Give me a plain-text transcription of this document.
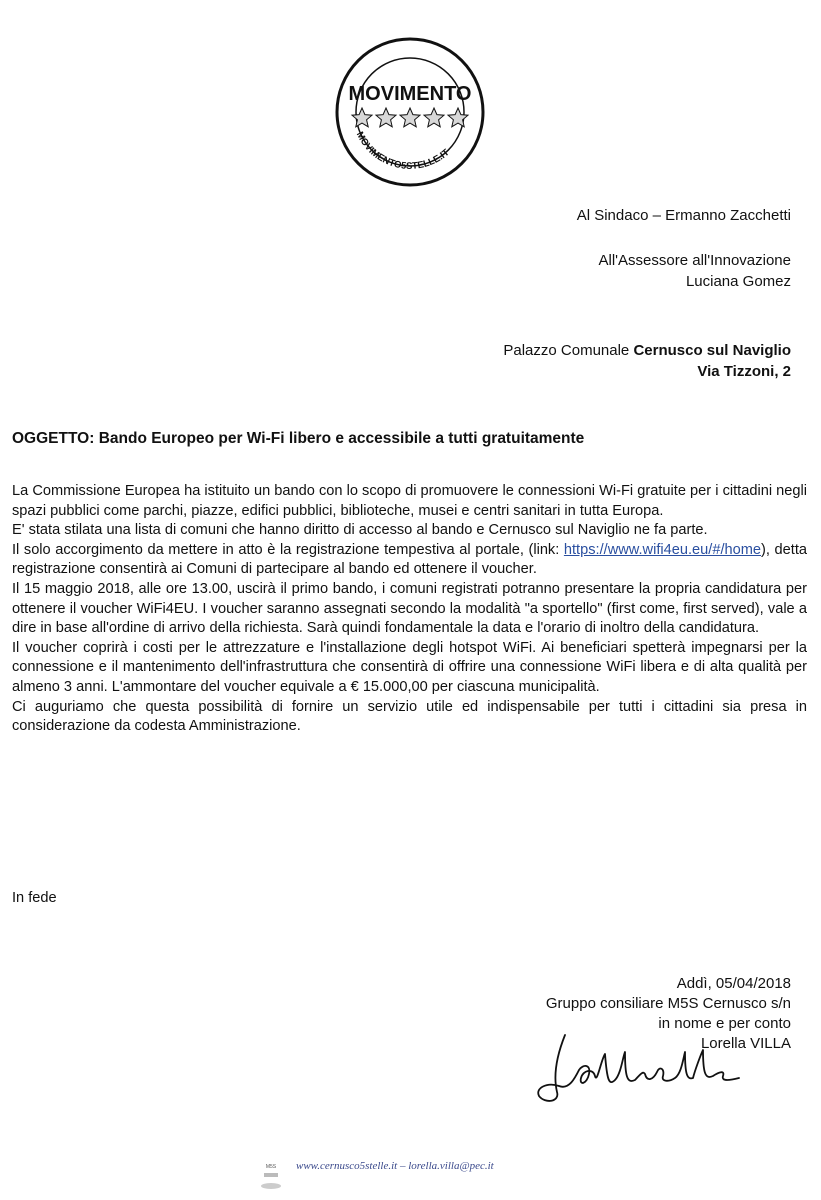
MOVIMENTO5STELLE.IT
MOVIMENTO
Al Sindaco – Ermanno Zacchetti
All'Assessore all'Innovazione
Luciana Gomez
Palazzo Comunale Cernusco sul Naviglio
Via Tizzoni, 2
OGGETTO: Bando Europeo per Wi-Fi libero e accessibile a tutti gratuitamente

La Commissione Europea ha istituito un bando con lo scopo di promuovere le connessioni Wi-Fi gratuite per i cittadini negli spazi pubblici come parchi, piazze, edifici pubblici, biblioteche, musei e centri sanitari in tutta Europa.

E' stata stilata una lista di comuni che hanno diritto di accesso al bando e Cernusco sul Naviglio ne fa parte.

Il solo accorgimento da mettere in atto è la registrazione tempestiva al portale, (link: https://www.wifi4eu.eu/#/home), detta registrazione consentirà ai Comuni di partecipare al bando ed ottenere il voucher.

Il 15 maggio 2018, alle ore 13.00, uscirà il primo bando, i comuni registrati potranno presentare la propria candidatura per ottenere il voucher WiFi4EU. I voucher saranno assegnati secondo la modalità "a sportello" (first come, first served), vale a dire in base all'ordine di arrivo della richiesta. Sarà quindi fondamentale la data e l'orario di inoltro della candidatura.

Il voucher coprirà i costi per le attrezzature e l'installazione degli hotspot WiFi. Ai beneficiari spetterà impegnarsi per la connessione e il mantenimento dell'infrastruttura che consentirà di offrire una connessione WiFi libera e di alta qualità per almeno 3 anni. L'ammontare del voucher equivale a € 15.000,00 per ciascuna municipalità.

Ci auguriamo che questa possibilità di fornire un servizio utile ed indispensabile per tutti i cittadini sia presa in considerazione da codesta Amministrazione.

In fede
Addì, 05/04/2018
Gruppo consiliare M5S Cernusco s/n
in nome e per conto
Lorella VILLA
M5S www.cernusco5stelle.it – lorella.villa@pec.it
